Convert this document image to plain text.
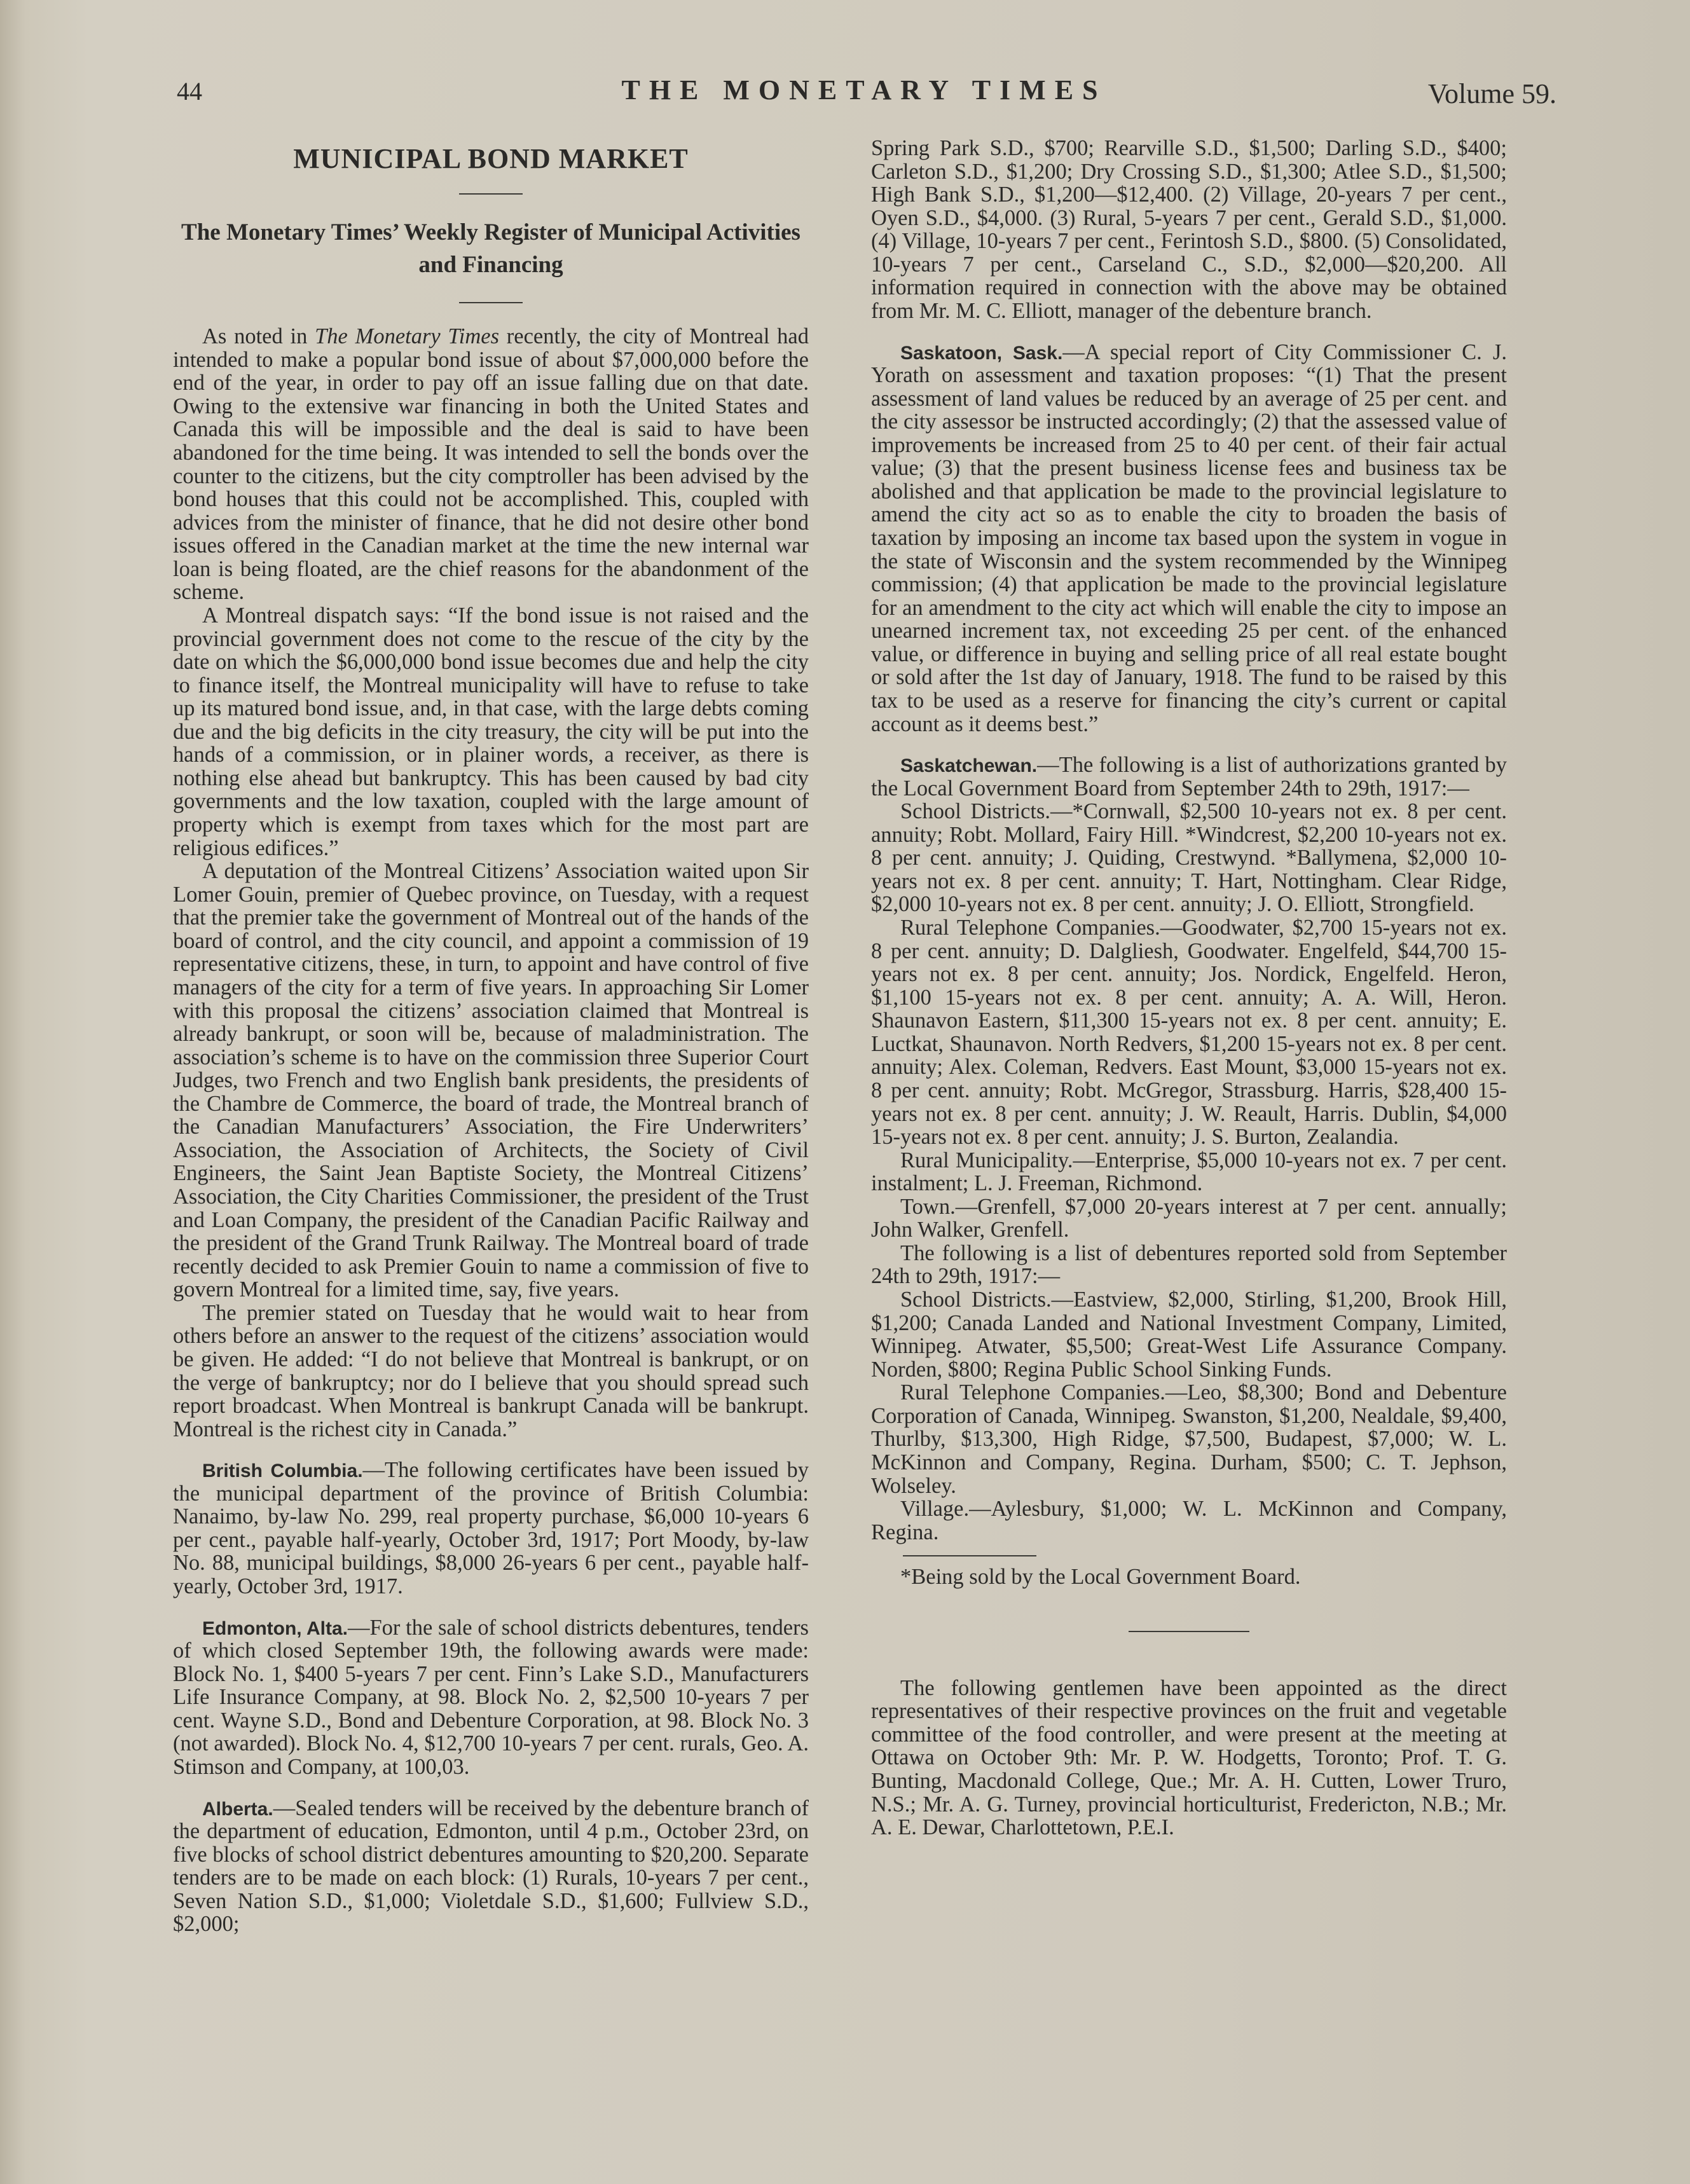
44	THE MONETARY TIMES	Volume 59.
MUNICIPAL BOND MARKET
The Monetary Times’ Weekly Register of Municipal Activities and Financing

As noted in The Monetary Times recently, the city of Montreal had intended to make a popular bond issue of about $7,000,000 before the end of the year, in order to pay off an issue falling due on that date. Owing to the extensive war financing in both the United States and Canada this will be impossible and the deal is said to have been abandoned for the time being. It was intended to sell the bonds over the counter to the citizens, but the city comptroller has been advised by the bond houses that this could not be accomplished. This, coupled with advices from the minister of finance, that he did not desire other bond issues offered in the Canadian market at the time the new internal war loan is being floated, are the chief reasons for the abandonment of the scheme.

A Montreal dispatch says: “If the bond issue is not raised and the provincial government does not come to the rescue of the city by the date on which the $6,000,000 bond issue becomes due and help the city to finance itself, the Montreal municipality will have to refuse to take up its matured bond issue, and, in that case, with the large debts coming due and the big deficits in the city treasury, the city will be put into the hands of a commission, or in plainer words, a receiver, as there is nothing else ahead but bankruptcy. This has been caused by bad city governments and the low taxation, coupled with the large amount of property which is exempt from taxes which for the most part are religious edifices.”

A deputation of the Montreal Citizens’ Association waited upon Sir Lomer Gouin, premier of Quebec province, on Tuesday, with a request that the premier take the government of Montreal out of the hands of the board of control, and the city council, and appoint a commission of 19 representative citizens, these, in turn, to appoint and have control of five managers of the city for a term of five years. In approaching Sir Lomer with this proposal the citizens’ association claimed that Montreal is already bankrupt, or soon will be, because of maladministration. The association’s scheme is to have on the commission three Superior Court Judges, two French and two English bank presidents, the presidents of the Chambre de Commerce, the board of trade, the Montreal branch of the Canadian Manufacturers’ Association, the Fire Underwriters’ Association, the Association of Architects, the Society of Civil Engineers, the Saint Jean Baptiste Society, the Montreal Citizens’ Association, the City Charities Commissioner, the president of the Trust and Loan Company, the president of the Canadian Pacific Railway and the president of the Grand Trunk Railway. The Montreal board of trade recently decided to ask Premier Gouin to name a commission of five to govern Montreal for a limited time, say, five years.

The premier stated on Tuesday that he would wait to hear from others before an answer to the request of the citizens’ association would be given. He added: “I do not believe that Montreal is bankrupt, or on the verge of bankruptcy; nor do I believe that you should spread such report broadcast. When Montreal is bankrupt Canada will be bankrupt. Montreal is the richest city in Canada.”

British Columbia.—The following certificates have been issued by the municipal department of the province of British Columbia: Nanaimo, by-law No. 299, real property purchase, $6,000 10-years 6 per cent., payable half-yearly, October 3rd, 1917; Port Moody, by-law No. 88, municipal buildings, $8,000 26-years 6 per cent., payable half-yearly, October 3rd, 1917.

Edmonton, Alta.—For the sale of school districts debentures, tenders of which closed September 19th, the following awards were made: Block No. 1, $400 5-years 7 per cent. Finn’s Lake S.D., Manufacturers Life Insurance Company, at 98. Block No. 2, $2,500 10-years 7 per cent. Wayne S.D., Bond and Debenture Corporation, at 98. Block No. 3 (not awarded). Block No. 4, $12,700 10-years 7 per cent. rurals, Geo. A. Stimson and Company, at 100,03.

Alberta.—Sealed tenders will be received by the debenture branch of the department of education, Edmonton, until 4 p.m., October 23rd, on five blocks of school district debentures amounting to $20,200. Separate tenders are to be made on each block: (1) Rurals, 10-years 7 per cent., Seven Nation S.D., $1,000; Violetdale S.D., $1,600; Fullview S.D., $2,000;

Spring Park S.D., $700; Rearville S.D., $1,500; Darling S.D., $400; Carleton S.D., $1,200; Dry Crossing S.D., $1,300; Atlee S.D., $1,500; High Bank S.D., $1,200—$12,400. (2) Village, 20-years 7 per cent., Oyen S.D., $4,000. (3) Rural, 5-years 7 per cent., Gerald S.D., $1,000. (4) Village, 10-years 7 per cent., Ferintosh S.D., $800. (5) Consolidated, 10-years 7 per cent., Carseland C., S.D., $2,000—$20,200. All information required in connection with the above may be obtained from Mr. M. C. Elliott, manager of the debenture branch.

Saskatoon, Sask.—A special report of City Commissioner C. J. Yorath on assessment and taxation proposes: “(1) That the present assessment of land values be reduced by an average of 25 per cent. and the city assessor be instructed accordingly; (2) that the assessed value of improvements be increased from 25 to 40 per cent. of their fair actual value; (3) that the present business license fees and business tax be abolished and that application be made to the provincial legislature to amend the city act so as to enable the city to broaden the basis of taxation by imposing an income tax based upon the system in vogue in the state of Wisconsin and the system recommended by the Winnipeg commission; (4) that application be made to the provincial legislature for an amendment to the city act which will enable the city to impose an unearned increment tax, not exceeding 25 per cent. of the enhanced value, or difference in buying and selling price of all real estate bought or sold after the 1st day of January, 1918. The fund to be raised by this tax to be used as a reserve for financing the city’s current or capital account as it deems best.”

Saskatchewan.—The following is a list of authorizations granted by the Local Government Board from September 24th to 29th, 1917:—

School Districts.—*Cornwall, $2,500 10-years not ex. 8 per cent. annuity; Robt. Mollard, Fairy Hill. *Windcrest, $2,200 10-years not ex. 8 per cent. annuity; J. Quiding, Crestwynd. *Ballymena, $2,000 10-years not ex. 8 per cent. annuity; T. Hart, Nottingham. Clear Ridge, $2,000 10-years not ex. 8 per cent. annuity; J. O. Elliott, Strongfield.

Rural Telephone Companies.—Goodwater, $2,700 15-years not ex. 8 per cent. annuity; D. Dalgliesh, Goodwater. Engelfeld, $44,700 15-years not ex. 8 per cent. annuity; Jos. Nordick, Engelfeld. Heron, $1,100 15-years not ex. 8 per cent. annuity; A. A. Will, Heron. Shaunavon Eastern, $11,300 15-years not ex. 8 per cent. annuity; E. Luctkat, Shaunavon. North Redvers, $1,200 15-years not ex. 8 per cent. annuity; Alex. Coleman, Redvers. East Mount, $3,000 15-years not ex. 8 per cent. annuity; Robt. McGregor, Strassburg. Harris, $28,400 15-years not ex. 8 per cent. annuity; J. W. Reault, Harris. Dublin, $4,000 15-years not ex. 8 per cent. annuity; J. S. Burton, Zealandia.

Rural Municipality.—Enterprise, $5,000 10-years not ex. 7 per cent. instalment; L. J. Freeman, Richmond.

Town.—Grenfell, $7,000 20-years interest at 7 per cent. annually; John Walker, Grenfell.

The following is a list of debentures reported sold from September 24th to 29th, 1917:—

School Districts.—Eastview, $2,000, Stirling, $1,200, Brook Hill, $1,200; Canada Landed and National Investment Company, Limited, Winnipeg. Atwater, $5,500; Great-West Life Assurance Company. Norden, $800; Regina Public School Sinking Funds.

Rural Telephone Companies.—Leo, $8,300; Bond and Debenture Corporation of Canada, Winnipeg. Swanston, $1,200, Nealdale, $9,400, Thurlby, $13,300, High Ridge, $7,500, Budapest, $7,000; W. L. McKinnon and Company, Regina. Durham, $500; C. T. Jephson, Wolseley.

Village.—Aylesbury, $1,000; W. L. McKinnon and Company, Regina.

*Being sold by the Local Government Board.

The following gentlemen have been appointed as the direct representatives of their respective provinces on the fruit and vegetable committee of the food controller, and were present at the meeting at Ottawa on October 9th: Mr. P. W. Hodgetts, Toronto; Prof. T. G. Bunting, Macdonald College, Que.; Mr. A. H. Cutten, Lower Truro, N.S.; Mr. A. G. Turney, provincial horticulturist, Fredericton, N.B.; Mr. A. E. Dewar, Charlottetown, P.E.I.
